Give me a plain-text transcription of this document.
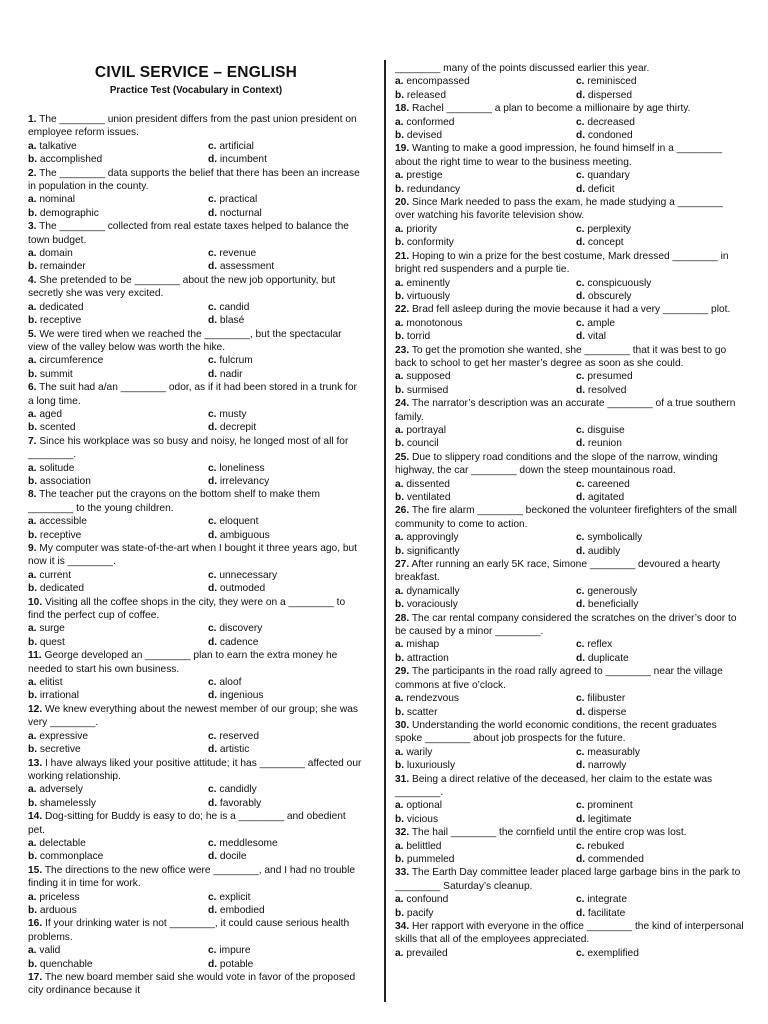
CIVIL SERVICE – ENGLISH
Practice Test (Vocabulary in Context)
1. The ________ union president differs from the past union president on employee reform issues.
a. talkative	c. artificial
b. accomplished	d. incumbent
2. The ________ data supports the belief that there has been an increase in population in the county.
a. nominal	c. practical
b. demographic	d. nocturnal
3. The ________ collected from real estate taxes helped to balance the town budget.
a. domain	c. revenue
b. remainder	d. assessment
4. She pretended to be ________ about the new job opportunity, but secretly she was very excited.
a. dedicated	c. candid
b. receptive	d. blasé
5. We were tired when we reached the ________, but the spectacular view of the valley below was worth the hike.
a. circumference	c. fulcrum
b. summit	d. nadir
6. The suit had a/an ________ odor, as if it had been stored in a trunk for a long time.
a. aged	c. musty
b. scented	d. decrepit
7. Since his workplace was so busy and noisy, he longed most of all for ________.
a. solitude	c. loneliness
b. association	d. irrelevancy
8. The teacher put the crayons on the bottom shelf to make them ________ to the young children.
a. accessible	c. eloquent
b. receptive	d. ambiguous
9. My computer was state-of-the-art when I bought it three years ago, but now it is ________.
a. current	c. unnecessary
b. dedicated	d. outmoded
10. Visiting all the coffee shops in the city, they were on a ________ to find the perfect cup of coffee.
a. surge	c. discovery
b. quest	d. cadence
11. George developed an ________ plan to earn the extra money he needed to start his own business.
a. elitist	c. aloof
b. irrational	d. ingenious
12. We knew everything about the newest member of our group; she was very ________.
a. expressive	c. reserved
b. secretive	d. artistic
13. I have always liked your positive attitude; it has ________ affected our working relationship.
a. adversely	c. candidly
b. shamelessly	d. favorably
14. Dog-sitting for Buddy is easy to do; he is a ________ and obedient pet.
a. delectable	c. meddlesome
b. commonplace	d. docile
15. The directions to the new office were ________, and I had no trouble finding it in time for work.
a. priceless	c. explicit
b. arduous	d. embodied
16. If your drinking water is not ________, it could cause serious health problems.
a. valid	c. impure
b. quenchable	d. potable
17. The new board member said she would vote in favor of the proposed city ordinance because it
________ many of the points discussed earlier this year.
a. encompassed	c. reminisced
b. released	d. dispersed
18. Rachel ________ a plan to become a millionaire by age thirty.
a. conformed	c. decreased
b. devised	d. condoned
19. Wanting to make a good impression, he found himself in a ________ about the right time to wear to the business meeting.
a. prestige	c. quandary
b. redundancy	d. deficit
20. Since Mark needed to pass the exam, he made studying a ________ over watching his favorite television show.
a. priority	c. perplexity
b. conformity	d. concept
21. Hoping to win a prize for the best costume, Mark dressed ________ in bright red suspenders and a purple tie.
a. eminently	c. conspicuously
b. virtuously	d. obscurely
22. Brad fell asleep during the movie because it had a very ________ plot.
a. monotonous	c. ample
b. torrid	d. vital
23. To get the promotion she wanted, she ________ that it was best to go back to school to get her master’s degree as soon as she could.
a. supposed	c. presumed
b. surmised	d. resolved
24. The narrator’s description was an accurate ________ of a true southern family.
a. portrayal	c. disguise
b. council	d. reunion
25. Due to slippery road conditions and the slope of the narrow, winding highway, the car ________ down the steep mountainous road.
a. dissented	c. careened
b. ventilated	d. agitated
26. The fire alarm ________ beckoned the volunteer firefighters of the small community to come to action.
a. approvingly	c. symbolically
b. significantly	d. audibly
27. After running an early 5K race, Simone ________ devoured a hearty breakfast.
a. dynamically	c. generously
b. voraciously	d. beneficially
28. The car rental company considered the scratches on the driver’s door to be caused by a minor ________.
a. mishap	c. reflex
b. attraction	d. duplicate
29. The participants in the road rally agreed to ________ near the village commons at five o’clock.
a. rendezvous	c. filibuster
b. scatter	d. disperse
30. Understanding the world economic conditions, the recent graduates spoke ________ about job prospects for the future.
a. warily	c. measurably
b. luxuriously	d. narrowly
31. Being a direct relative of the deceased, her claim to the estate was ________.
a. optional	c. prominent
b. vicious	d. legitimate
32. The hail ________ the cornfield until the entire crop was lost.
a. belittled	c. rebuked
b. pummeled	d. commended
33. The Earth Day committee leader placed large garbage bins in the park to ________ Saturday’s cleanup.
a. confound	c. integrate
b. pacify	d. facilitate
34. Her rapport with everyone in the office ________ the kind of interpersonal skills that all of the employees appreciated.
a. prevailed	c. exemplified
